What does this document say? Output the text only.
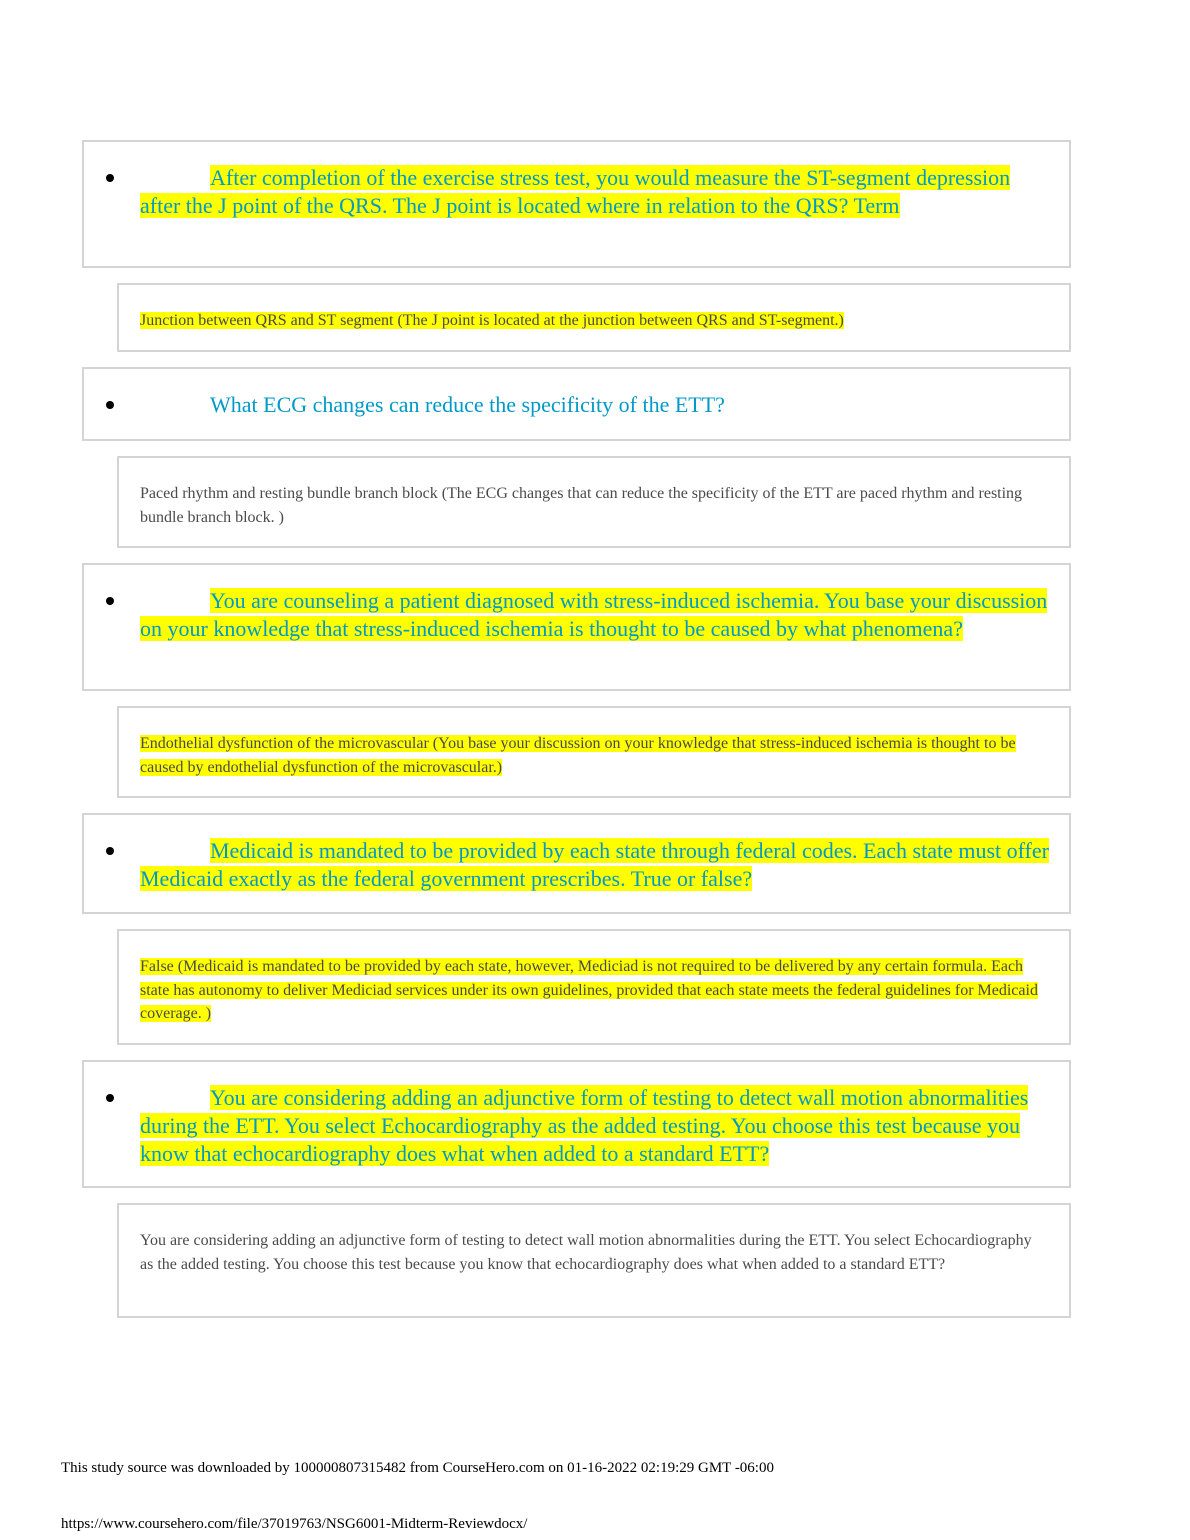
After completion of the exercise stress test, you would measure the ST-segment depression after the J point of the QRS. The J point is located where in relation to the QRS? Term
Junction between QRS and ST segment (The J point is located at the junction between QRS and ST-segment.)
What ECG changes can reduce the specificity of the ETT?
Paced rhythm and resting bundle branch block (The ECG changes that can reduce the specificity of the ETT are paced rhythm and resting bundle branch block. )
You are counseling a patient diagnosed with stress-induced ischemia. You base your discussion on your knowledge that stress-induced ischemia is thought to be caused by what phenomena?
Endothelial dysfunction of the microvascular (You base your discussion on your knowledge that stress-induced ischemia is thought to be caused by endothelial dysfunction of the microvascular.)
Medicaid is mandated to be provided by each state through federal codes. Each state must offer Medicaid exactly as the federal government prescribes. True or false?
False (Medicaid is mandated to be provided by each state, however, Mediciad is not required to be delivered by any certain formula. Each state has autonomy to deliver Mediciad services under its own guidelines, provided that each state meets the federal guidelines for Medicaid coverage. )
You are considering adding an adjunctive form of testing to detect wall motion abnormalities during the ETT. You select Echocardiography as the added testing. You choose this test because you know that echocardiography does what when added to a standard ETT?
You are considering adding an adjunctive form of testing to detect wall motion abnormalities during the ETT. You select Echocardiography as the added testing. You choose this test because you know that echocardiography does what when added to a standard ETT?
This study source was downloaded by 100000807315482 from CourseHero.com on 01-16-2022 02:19:29 GMT -06:00
https://www.coursehero.com/file/37019763/NSG6001-Midterm-Reviewdocx/
